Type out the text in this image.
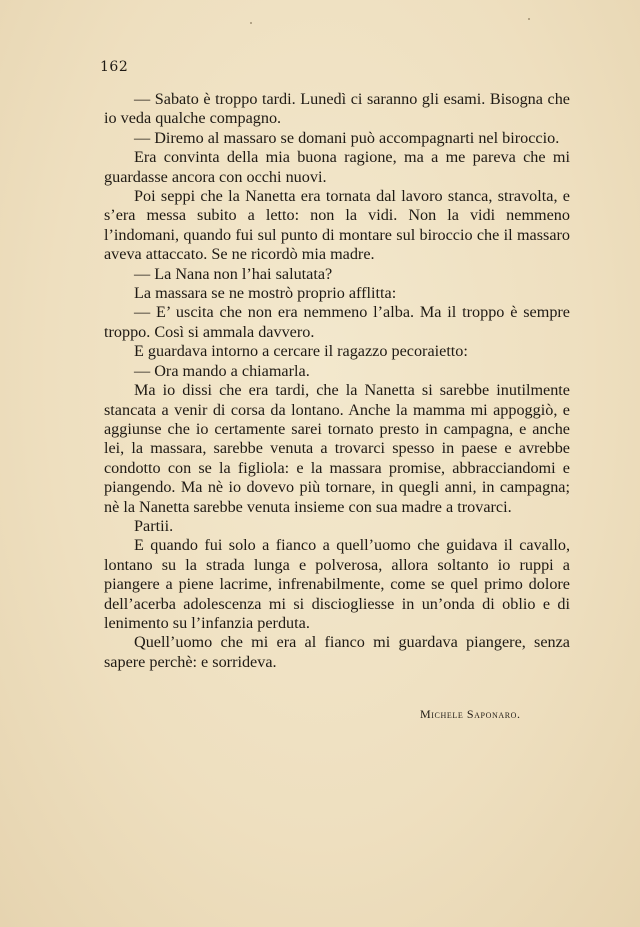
162

— Sabato è troppo tardi. Lunedì ci saranno gli esami. Bisogna che io veda qualche compagno.

— Diremo al massaro se domani può accompagnarti nel biroccio.

Era convinta della mia buona ragione, ma a me pareva che mi guardasse ancora con occhi nuovi.

Poi seppi che la Nanetta era tornata dal lavoro stanca, stravolta, e s’era messa subito a letto: non la vidi. Non la vidi nemmeno l’indomani, quando fui sul punto di montare sul biroccio che il massaro aveva attaccato. Se ne ricordò mia madre.

— La Nana non l’hai salutata?

La massara se ne mostrò proprio afflitta:

— E’ uscita che non era nemmeno l’alba. Ma il troppo è sempre troppo. Così si ammala davvero.

E guardava intorno a cercare il ragazzo pecoraietto:

— Ora mando a chiamarla.

Ma io dissi che era tardi, che la Nanetta si sarebbe inutilmente stancata a venir di corsa da lontano. Anche la mamma mi appoggiò, e aggiunse che io certamente sarei tornato presto in campagna, e anche lei, la massara, sarebbe venuta a trovarci spesso in paese e avrebbe condotto con se la figliola: e la massara promise, abbracciandomi e piangendo. Ma nè io dovevo più tornare, in quegli anni, in campagna; nè la Nanetta sarebbe venuta insieme con sua madre a trovarci.

Partii.

E quando fui solo a fianco a quell’uomo che guidava il cavallo, lontano su la strada lunga e polverosa, allora soltanto io ruppi a piangere a piene lacrime, infrenabilmente, come se quel primo dolore dell’acerba adolescenza mi si disciogliesse in un’onda di oblio e di lenimento su l’infanzia perduta.

Quell’uomo che mi era al fianco mi guardava piangere, senza sapere perchè: e sorrideva.

Michele Saponaro.
